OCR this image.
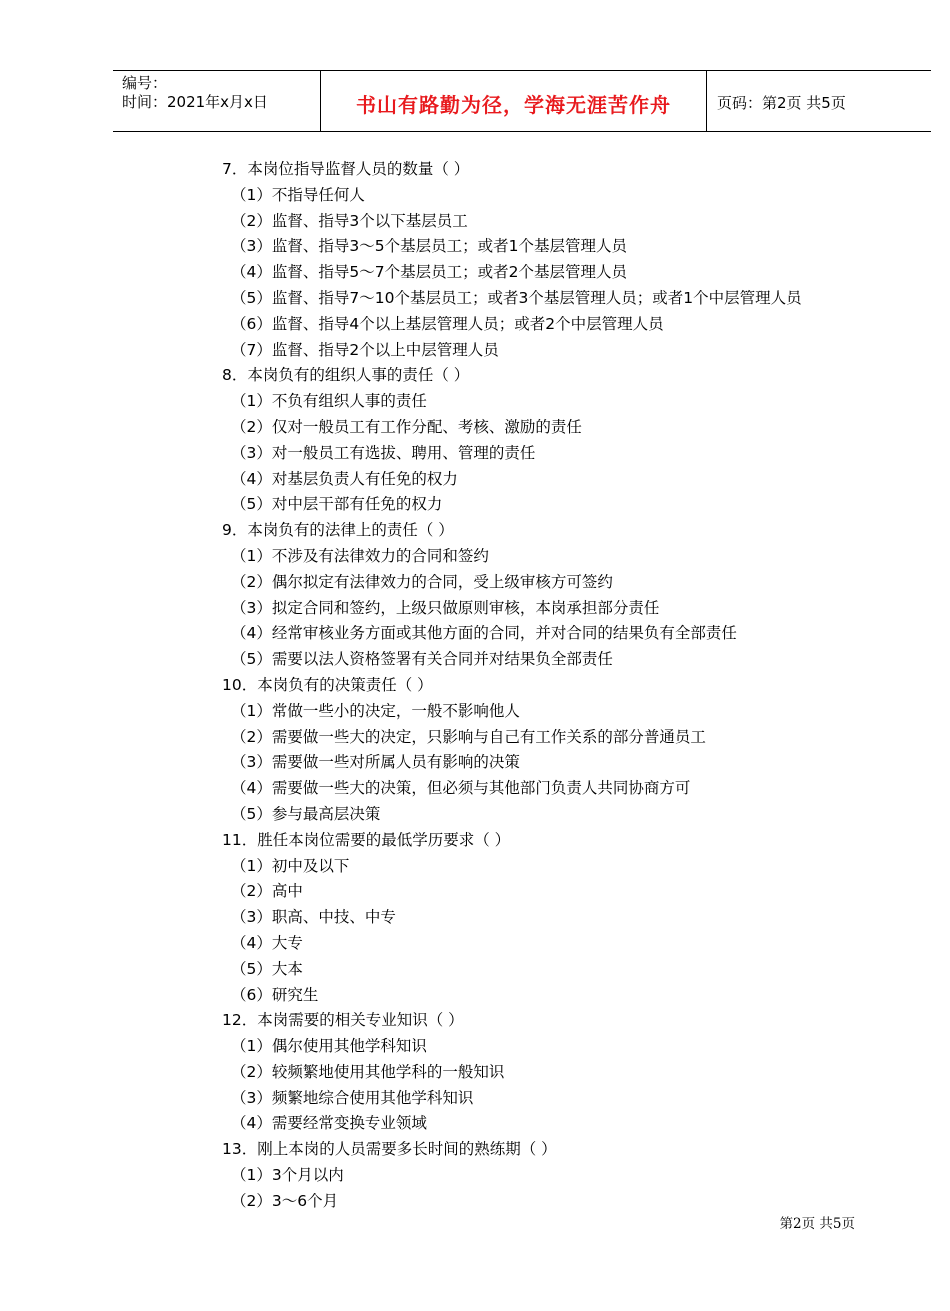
编号：
时间：2021年x月x日	书山有路勤为径，学海无涯苦作舟	页码：第2页 共5页
7．本岗位指导监督人员的数量（ ）
（1）不指导任何人
（2）监督、指导3个以下基层员工
（3）监督、指导3～5个基层员工；或者1个基层管理人员
（4）监督、指导5～7个基层员工；或者2个基层管理人员
（5）监督、指导7～10个基层员工；或者3个基层管理人员；或者1个中层管理人员
（6）监督、指导4个以上基层管理人员；或者2个中层管理人员
（7）监督、指导2个以上中层管理人员
8．本岗负有的组织人事的责任（ ）
（1）不负有组织人事的责任
（2）仅对一般员工有工作分配、考核、激励的责任
（3）对一般员工有选拔、聘用、管理的责任
（4）对基层负责人有任免的权力
（5）对中层干部有任免的权力
9．本岗负有的法律上的责任（ ）
（1）不涉及有法律效力的合同和签约
（2）偶尔拟定有法律效力的合同，受上级审核方可签约
（3）拟定合同和签约，上级只做原则审核，本岗承担部分责任
（4）经常审核业务方面或其他方面的合同，并对合同的结果负有全部责任
（5）需要以法人资格签署有关合同并对结果负全部责任
10．本岗负有的决策责任（ ）
（1）常做一些小的决定，一般不影响他人
（2）需要做一些大的决定，只影响与自己有工作关系的部分普通员工
（3）需要做一些对所属人员有影响的决策
（4）需要做一些大的决策，但必须与其他部门负责人共同协商方可
（5）参与最高层决策
11．胜任本岗位需要的最低学历要求（ ）
（1）初中及以下
（2）高中
（3）职高、中技、中专
（4）大专
（5）大本
（6）研究生
12．本岗需要的相关专业知识（ ）
（1）偶尔使用其他学科知识
（2）较频繁地使用其他学科的一般知识
（3）频繁地综合使用其他学科知识
（4）需要经常变换专业领域
13．刚上本岗的人员需要多长时间的熟练期（ ）
（1）3个月以内
（2）3～6个月
第2页 共5页
